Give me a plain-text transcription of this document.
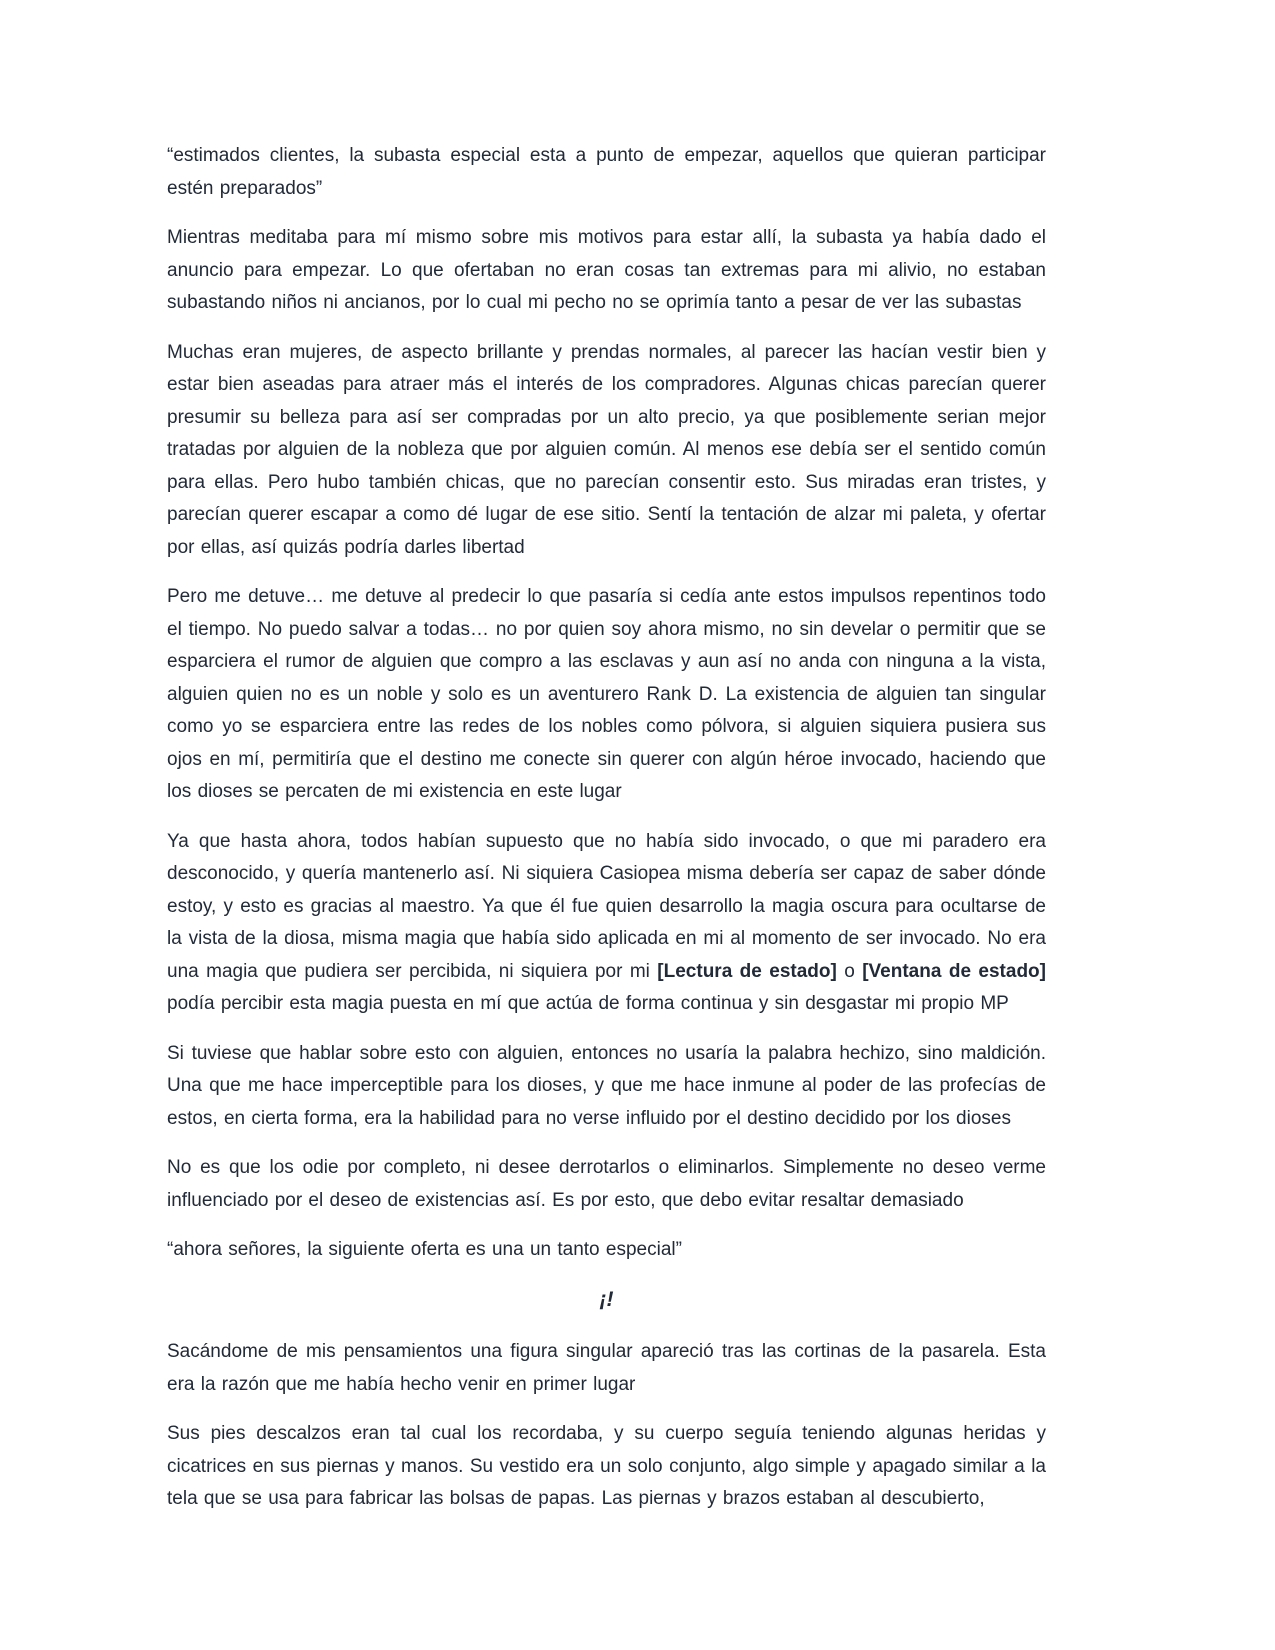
“estimados clientes, la subasta especial esta a punto de empezar, aquellos que quieran participar estén preparados”

Mientras meditaba para mí mismo sobre mis motivos para estar allí, la subasta ya había dado el anuncio para empezar. Lo que ofertaban no eran cosas tan extremas para mi alivio, no estaban subastando niños ni ancianos, por lo cual mi pecho no se oprimía tanto a pesar de ver las subastas

Muchas eran mujeres, de aspecto brillante y prendas normales, al parecer las hacían vestir bien y estar bien aseadas para atraer más el interés de los compradores. Algunas chicas parecían querer presumir su belleza para así ser compradas por un alto precio, ya que posiblemente serian mejor tratadas por alguien de la nobleza que por alguien común. Al menos ese debía ser el sentido común para ellas. Pero hubo también chicas, que no parecían consentir esto. Sus miradas eran tristes, y parecían querer escapar a como dé lugar de ese sitio. Sentí la tentación de alzar mi paleta, y ofertar por ellas, así quizás podría darles libertad

Pero me detuve… me detuve al predecir lo que pasaría si cedía ante estos impulsos repentinos todo el tiempo. No puedo salvar a todas… no por quien soy ahora mismo, no sin develar o permitir que se esparciera el rumor de alguien que compro a las esclavas y aun así no anda con ninguna a la vista, alguien quien no es un noble y solo es un aventurero Rank D. La existencia de alguien tan singular como yo se esparciera entre las redes de los nobles como pólvora, si alguien siquiera pusiera sus ojos en mí, permitiría que el destino me conecte sin querer con algún héroe invocado, haciendo que los dioses se percaten de mi existencia en este lugar

Ya que hasta ahora, todos habían supuesto que no había sido invocado, o que mi paradero era desconocido, y quería mantenerlo así. Ni siquiera Casiopea misma debería ser capaz de saber dónde estoy, y esto es gracias al maestro. Ya que él fue quien desarrollo la magia oscura para ocultarse de la vista de la diosa, misma magia que había sido aplicada en mi al momento de ser invocado. No era una magia que pudiera ser percibida, ni siquiera por mi [Lectura de estado] o [Ventana de estado] podía percibir esta magia puesta en mí que actúa de forma continua y sin desgastar mi propio MP

Si tuviese que hablar sobre esto con alguien, entonces no usaría la palabra hechizo, sino maldición. Una que me hace imperceptible para los dioses, y que me hace inmune al poder de las profecías de estos, en cierta forma, era la habilidad para no verse influido por el destino decidido por los dioses

No es que los odie por completo, ni desee derrotarlos o eliminarlos. Simplemente no deseo verme influenciado por el deseo de existencias así. Es por esto, que debo evitar resaltar demasiado

“ahora señores, la siguiente oferta es una un tanto especial”

¡!

Sacándome de mis pensamientos una figura singular apareció tras las cortinas de la pasarela. Esta era la razón que me había hecho venir en primer lugar

Sus pies descalzos eran tal cual los recordaba, y su cuerpo seguía teniendo algunas heridas y cicatrices en sus piernas y manos. Su vestido era un solo conjunto, algo simple y apagado similar a la tela que se usa para fabricar las bolsas de papas. Las piernas y brazos estaban al descubierto,
